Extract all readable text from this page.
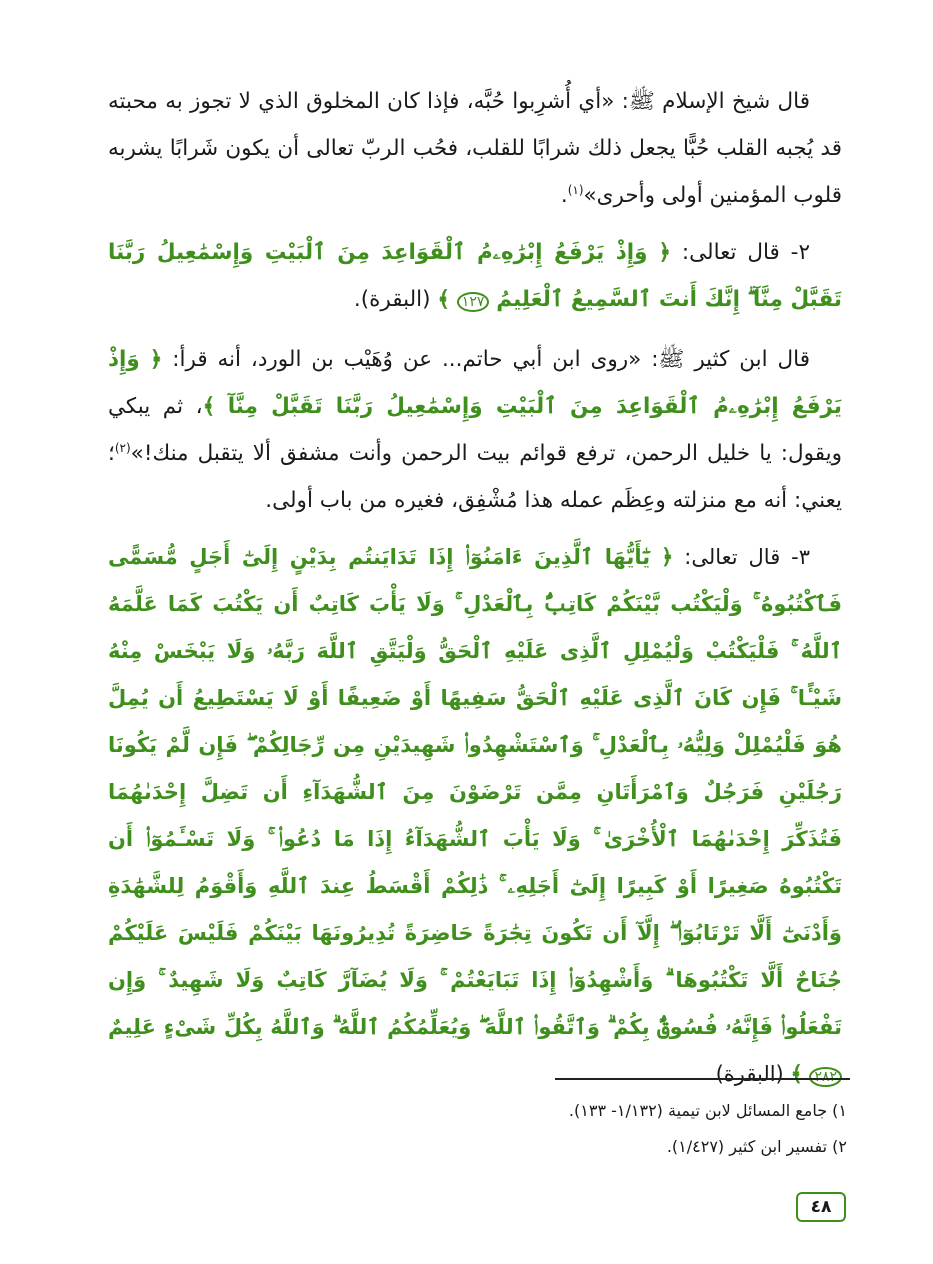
قال شيخ الإسلام ﷺ: «أي أُشرِبوا حُبَّه، فإذا كان المخلوق الذي لا تجوز به محبته قد يُجبه القلب حُبًّا يجعل ذلك شرابًا للقلب، فحُب الربّ تعالى أن يكون شَرابًا يشربه قلوب المؤمنين أولى وأحرى»$^{(١)}$.

٢- قال تعالى: ﴿ وَإِذْ يَرْفَعُ إِبْرَٰهِۦمُ ٱلْقَوَاعِدَ مِنَ ٱلْبَيْتِ وَإِسْمَٰعِيلُ رَبَّنَا تَقَبَّلْ مِنَّآ ۖ إِنَّكَ أَنتَ ٱلسَّمِيعُ ٱلْعَلِيمُ ١٢٧ ﴾ (البقرة).

قال ابن كثير ﷺ: «روى ابن أبي حاتم... عن وُهَيْب بن الورد، أنه قرأ: ﴿ وَإِذْ يَرْفَعُ إِبْرَٰهِۦمُ ٱلْقَوَاعِدَ مِنَ ٱلْبَيْتِ وَإِسْمَٰعِيلُ رَبَّنَا تَقَبَّلْ مِنَّآ ﴾، ثم يبكي ويقول: يا خليل الرحمن، ترفع قوائم بيت الرحمن وأنت مشفق ألا يتقبل منك!»$^{(٢)}$؛ يعني: أنه مع منزلته وعِظَم عمله هذا مُشْفِق، فغيره من باب أولى.

٣- قال تعالى: ﴿ يَٰٓأَيُّهَا ٱلَّذِينَ ءَامَنُوٓا۟ إِذَا تَدَايَنتُم بِدَيْنٍ إِلَىٰٓ أَجَلٍ مُّسَمًّى فَٱكْتُبُوهُ ۚ وَلْيَكْتُب بَّيْنَكُمْ كَاتِبٌۢ بِٱلْعَدْلِ ۚ وَلَا يَأْبَ كَاتِبٌ أَن يَكْتُبَ كَمَا عَلَّمَهُ ٱللَّهُ ۚ فَلْيَكْتُبْ وَلْيُمْلِلِ ٱلَّذِى عَلَيْهِ ٱلْحَقُّ وَلْيَتَّقِ ٱللَّهَ رَبَّهُۥ وَلَا يَبْخَسْ مِنْهُ شَيْـًٔا ۚ فَإِن كَانَ ٱلَّذِى عَلَيْهِ ٱلْحَقُّ سَفِيهًا أَوْ ضَعِيفًا أَوْ لَا يَسْتَطِيعُ أَن يُمِلَّ هُوَ فَلْيُمْلِلْ وَلِيُّهُۥ بِٱلْعَدْلِ ۚ وَٱسْتَشْهِدُوا۟ شَهِيدَيْنِ مِن رِّجَالِكُمْ ۖ فَإِن لَّمْ يَكُونَا رَجُلَيْنِ فَرَجُلٌ وَٱمْرَأَتَانِ مِمَّن تَرْضَوْنَ مِنَ ٱلشُّهَدَآءِ أَن تَضِلَّ إِحْدَىٰهُمَا فَتُذَكِّرَ إِحْدَىٰهُمَا ٱلْأُخْرَىٰ ۚ وَلَا يَأْبَ ٱلشُّهَدَآءُ إِذَا مَا دُعُوا۟ ۚ وَلَا تَسْـَٔمُوٓا۟ أَن تَكْتُبُوهُ صَغِيرًا أَوْ كَبِيرًا إِلَىٰٓ أَجَلِهِۦ ۚ ذَٰلِكُمْ أَقْسَطُ عِندَ ٱللَّهِ وَأَقْوَمُ لِلشَّهَٰدَةِ وَأَدْنَىٰٓ أَلَّا تَرْتَابُوٓا۟ ۖ إِلَّآ أَن تَكُونَ تِجَٰرَةً حَاضِرَةً تُدِيرُونَهَا بَيْنَكُمْ فَلَيْسَ عَلَيْكُمْ جُنَاحٌ أَلَّا تَكْتُبُوهَا ۗ وَأَشْهِدُوٓا۟ إِذَا تَبَايَعْتُمْ ۚ وَلَا يُضَآرَّ كَاتِبٌ وَلَا شَهِيدٌ ۚ وَإِن تَفْعَلُوا۟ فَإِنَّهُۥ فُسُوقٌۢ بِكُمْ ۗ وَٱتَّقُوا۟ ٱللَّهَ ۖ وَيُعَلِّمُكُمُ ٱللَّهُ ۗ وَٱللَّهُ بِكُلِّ شَىْءٍ عَلِيمٌ ٢٨٢ ﴾ (البقرة)

١) جامع المسائل لابن تيمية (١/١٣٢- ١٣٣).

٢) تفسير ابن كثير (١/٤٢٧).

٤٨
